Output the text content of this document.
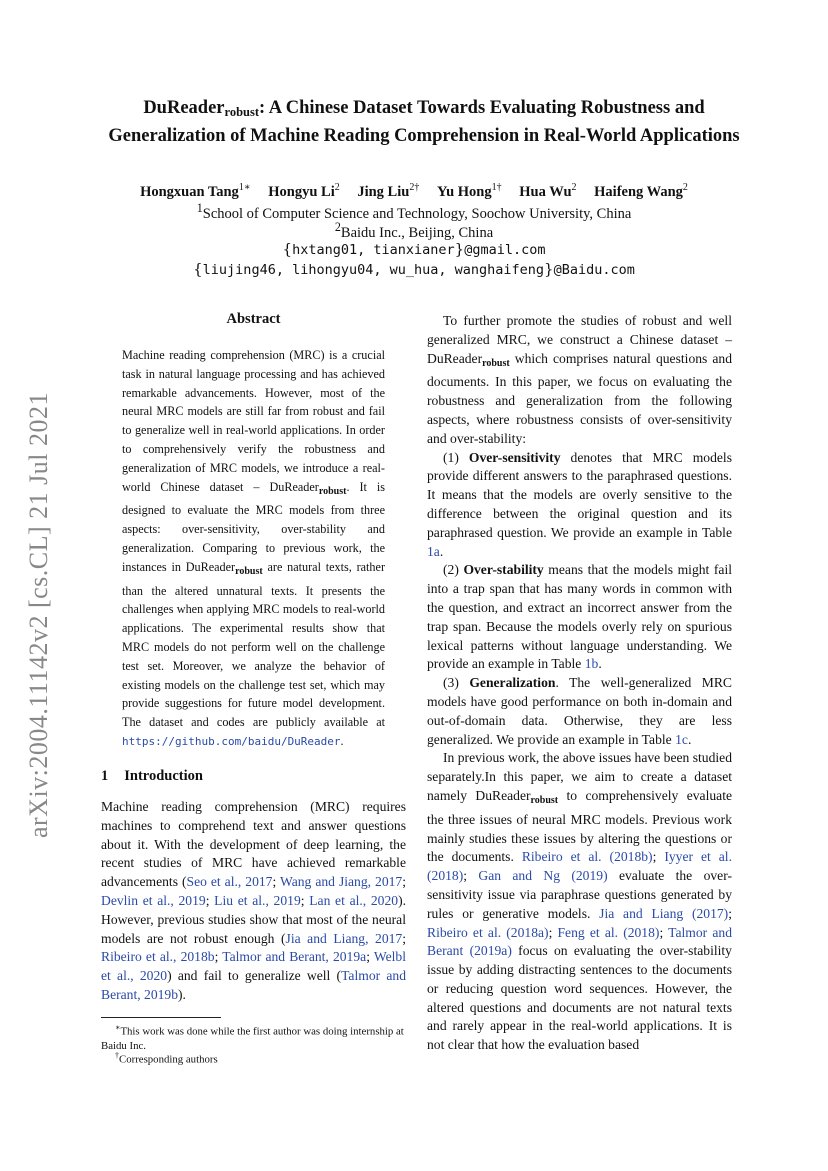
arXiv:2004.11142v2 [cs.CL] 21 Jul 2021
DuReader$_{robust}$: A Chinese Dataset Towards Evaluating Robustness and Generalization of Machine Reading Comprehension in Real-World Applications
Hongxuan Tang$^{1∗}$ Hongyu Li$^2$ Jing Liu$^{2\dagger}$ Yu Hong$^{1\dagger}$ Hua Wu$^2$ Haifeng Wang$^2$
$^1$School of Computer Science and Technology, Soochow University, China
$^2$Baidu Inc., Beijing, China
{hxtang01, tianxianer}@gmail.com
{liujing46, lihongyu04, wu_hua, wanghaifeng}@Baidu.com
Abstract
Machine reading comprehension (MRC) is a crucial task in natural language processing and has achieved remarkable advancements. However, most of the neural MRC models are still far from robust and fail to generalize well in real-world applications. In order to comprehensively verify the robustness and generalization of MRC models, we introduce a real-world Chinese dataset – DuReader$_{robust}$. It is designed to evaluate the MRC models from three aspects: over-sensitivity, over-stability and generalization. Comparing to previous work, the instances in DuReader$_{robust}$ are natural texts, rather than the altered unnatural texts. It presents the challenges when applying MRC models to real-world applications. The experimental results show that MRC models do not perform well on the challenge test set. Moreover, we analyze the behavior of existing models on the challenge test set, which may provide suggestions for future model development. The dataset and codes are publicly available at https://github.com/baidu/DuReader.
1 Introduction
Machine reading comprehension (MRC) requires machines to comprehend text and answer questions about it. With the development of deep learning, the recent studies of MRC have achieved remarkable advancements (Seo et al., 2017; Wang and Jiang, 2017; Devlin et al., 2019; Liu et al., 2019; Lan et al., 2020). However, previous studies show that most of the neural models are not robust enough (Jia and Liang, 2017; Ribeiro et al., 2018b; Talmor and Berant, 2019a; Welbl et al., 2020) and fail to generalize well (Talmor and Berant, 2019b).
∗This work was done while the first author was doing internship at Baidu Inc.
†Corresponding authors

To further promote the studies of robust and well generalized MRC, we construct a Chinese dataset – DuReader$_{robust}$ which comprises natural questions and documents. In this paper, we focus on evaluating the robustness and generalization from the following aspects, where robustness consists of over-sensitivity and over-stability:

(1) Over-sensitivity denotes that MRC models provide different answers to the paraphrased questions. It means that the models are overly sensitive to the difference between the original question and its paraphrased question. We provide an example in Table 1a.

(2) Over-stability means that the models might fail into a trap span that has many words in common with the question, and extract an incorrect answer from the trap span. Because the models overly rely on spurious lexical patterns without language understanding. We provide an example in Table 1b.

(3) Generalization. The well-generalized MRC models have good performance on both in-domain and out-of-domain data. Otherwise, they are less generalized. We provide an example in Table 1c.

In previous work, the above issues have been studied separately.In this paper, we aim to create a dataset namely DuReader$_{robust}$ to comprehensively evaluate the three issues of neural MRC models. Previous work mainly studies these issues by altering the questions or the documents. Ribeiro et al. (2018b); Iyyer et al. (2018); Gan and Ng (2019) evaluate the over-sensitivity issue via paraphrase questions generated by rules or generative models. Jia and Liang (2017); Ribeiro et al. (2018a); Feng et al. (2018); Talmor and Berant (2019a) focus on evaluating the over-stability issue by adding distracting sentences to the documents or reducing question word sequences. However, the altered questions and documents are not natural texts and rarely appear in the real-world applications. It is not clear that how the evaluation based
